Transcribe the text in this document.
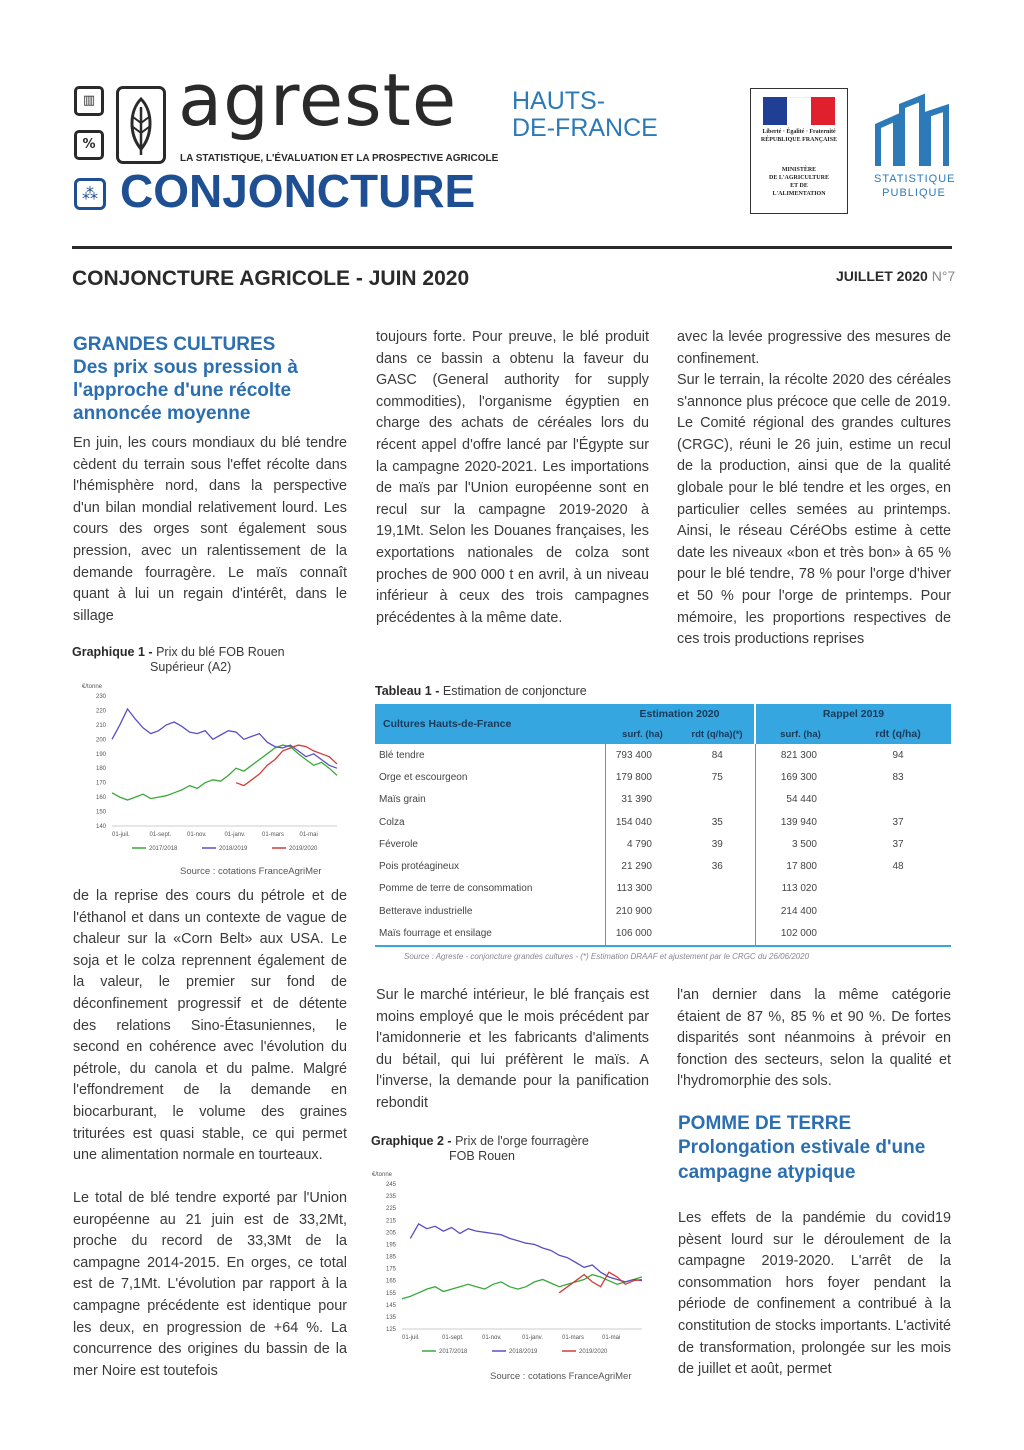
▥
%
agreste HAUTS-
DE-FRANCE
LA STATISTIQUE, L'ÉVALUATION ET LA PROSPECTIVE AGRICOLE
⁂ CONJONCTURE
Liberté · Égalité · Fraternité
RÉPUBLIQUE FRANÇAISE
MINISTÈRE
DE L'AGRICULTURE
ET DE
L'ALIMENTATION
STATISTIQUE
PUBLIQUE
CONJONCTURE AGRICOLE - JUIN 2020	JUILLET 2020 N°7
GRANDES CULTURES
Des prix sous pression à l'approche d'une récolte annoncée moyenne
En juin, les cours mondiaux du blé tendre cèdent du terrain sous l'effet récolte dans l'hémisphère nord, dans la perspective d'un bilan mondial relativement lourd. Les cours des orges sont également sous pression, avec un ralentissement de la demande fourragère. Le maïs connaît quant à lui un regain d'intérêt, dans le sillage
Graphique 1 - Prix du blé FOB Rouen
Supérieur (A2)
€/tonne
230
220
210
200
190
180
170
160
150
140
01-juil.	01-sept.	01-nov.	01-janv.	01-mars	01-mai
2017/2018	2018/2019	2019/2020
Source : cotations FranceAgriMer
de la reprise des cours du pétrole et de l'éthanol et dans un contexte de vague de chaleur sur la «Corn Belt» aux USA. Le soja et le colza reprennent également de la valeur, le premier sur fond de déconfinement progressif et de détente des relations Sino-Étasuniennes, le second en cohérence avec l'évolution du pétrole, du canola et du palme. Malgré l'effondrement de la demande en biocarburant, le volume des graines triturées est quasi stable, ce qui permet une alimentation normale en tourteaux.
Le total de blé tendre exporté par l'Union européenne au 21 juin est de 33,2Mt, proche du record de 33,3Mt de la campagne 2014-2015. En orges, ce total est de 7,1Mt. L'évolution par rapport à la campagne précédente est identique pour les deux, en progression de +64 %. La concurrence des origines du bassin de la mer Noire est toutefois
toujours forte. Pour preuve, le blé produit dans ce bassin a obtenu la faveur du GASC (General authority for supply commodities), l'organisme égyptien en charge des achats de céréales lors du récent appel d'offre lancé par l'Égypte sur la campagne 2020-2021. Les importations de maïs par l'Union européenne sont en recul sur la campagne 2019-2020 à 19,1Mt. Selon les Douanes françaises, les exportations nationales de colza sont proches de 900 000 t en avril, à un niveau inférieur à ceux des trois campagnes précédentes à la même date.
avec la levée progressive des mesures de confinement.
Sur le terrain, la récolte 2020 des céréales s'annonce plus précoce que celle de 2019. Le Comité régional des grandes cultures (CRGC), réuni le 26 juin, estime un recul de la production, ainsi que de la qualité globale pour le blé tendre et les orges, en particulier celles semées au printemps. Ainsi, le réseau CéréObs estime à cette date les niveaux «bon et très bon» à 65 % pour le blé tendre, 78 % pour l'orge d'hiver et 50 % pour l'orge de printemps. Pour mémoire, les proportions respectives de ces trois productions reprises
Tableau 1 - Estimation de conjoncture
Cultures Hauts-de-France	Estimation 2020		Rappel 2019	
	surf. (ha)	rdt (q/ha)(*)	surf. (ha)	rdt (q/ha)
Blé tendre	793 400	84	821 300	94
Orge et escourgeon	179 800	75	169 300	83
Maïs grain	31 390		54 440	
Colza	154 040	35	139 940	37
Féverole	4 790	39	3 500	37
Pois protéagineux	21 290	36	17 800	48
Pomme de terre de consommation	113 300		113 020	
Betterave industrielle	210 900		214 400	
Maïs fourrage et ensilage	106 000		102 000	
Source : Agreste - conjoncture grandes cultures - (*) Estimation DRAAF et ajustement par le CRGC du 26/06/2020
Sur le marché intérieur, le blé français est moins employé que le mois précédent par l'amidonnerie et les fabricants d'aliments du bétail, qui lui préfèrent le maïs. A l'inverse, la demande pour la panification rebondit
Graphique 2 - Prix de l'orge fourragère
FOB Rouen
€/tonne
245
235
225
215
205
195
185
175
165
155
145
135
125
01-juil.	01-sept.	01-nov.	01-janv.	01-mars	01-mai
2017/2018	2018/2019	2019/2020
Source : cotations FranceAgriMer
l'an dernier dans la même catégorie étaient de 87 %, 85 % et 90 %. De fortes disparités sont néanmoins à prévoir en fonction des secteurs, selon la qualité et l'hydromorphie des sols.
POMME DE TERRE
Prolongation estivale d'une campagne atypique
Les effets de la pandémie du covid19 pèsent lourd sur le déroulement de la campagne 2019-2020. L'arrêt de la consommation hors foyer pendant la période de confinement a contribué à la constitution de stocks importants. L'activité de transformation, prolongée sur les mois de juillet et août, permet
